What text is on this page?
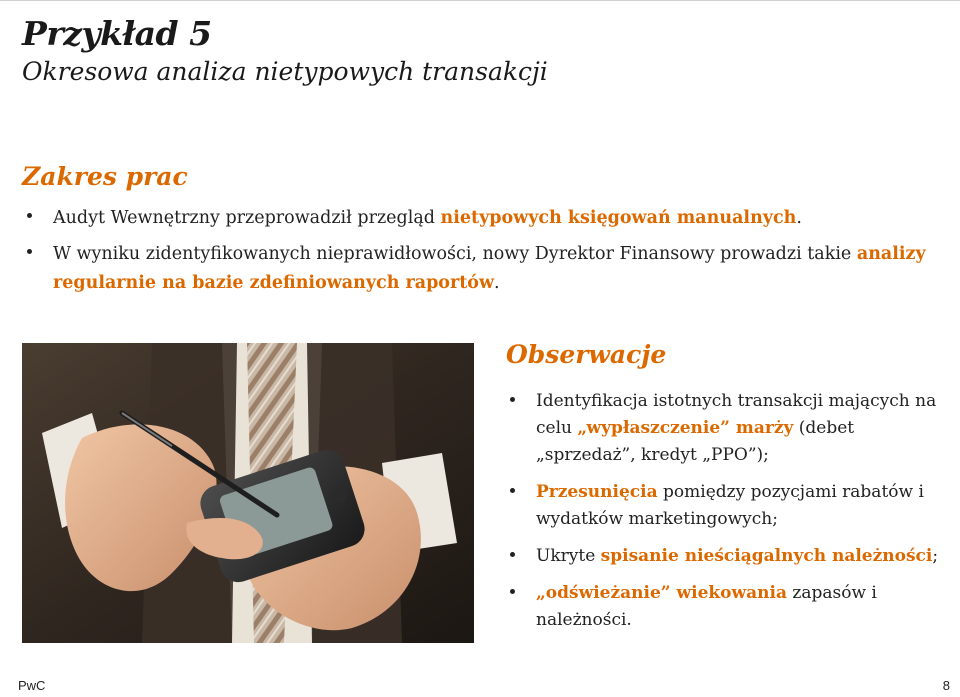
Przykład 5
Okresowa analiza nietypowych transakcji
Zakres prac
Audyt Wewnętrzny przeprowadził przegląd nietypowych księgowań manualnych.
W wyniku zidentyfikowanych nieprawidłowości, nowy Dyrektor Finansowy prowadzi takie analizy regularnie na bazie zdefiniowanych raportów.
Obserwacje
Identyfikacja istotnych transakcji mających na celu „wypłaszczenie” marży (debet „sprzedaż”, kredyt „PPO”);
Przesunięcia pomiędzy pozycjami rabatów i wydatków marketingowych;
Ukryte spisanie nieściągalnych należności;
„odświeżanie” wiekowania zapasów i należności.
PwC	8
